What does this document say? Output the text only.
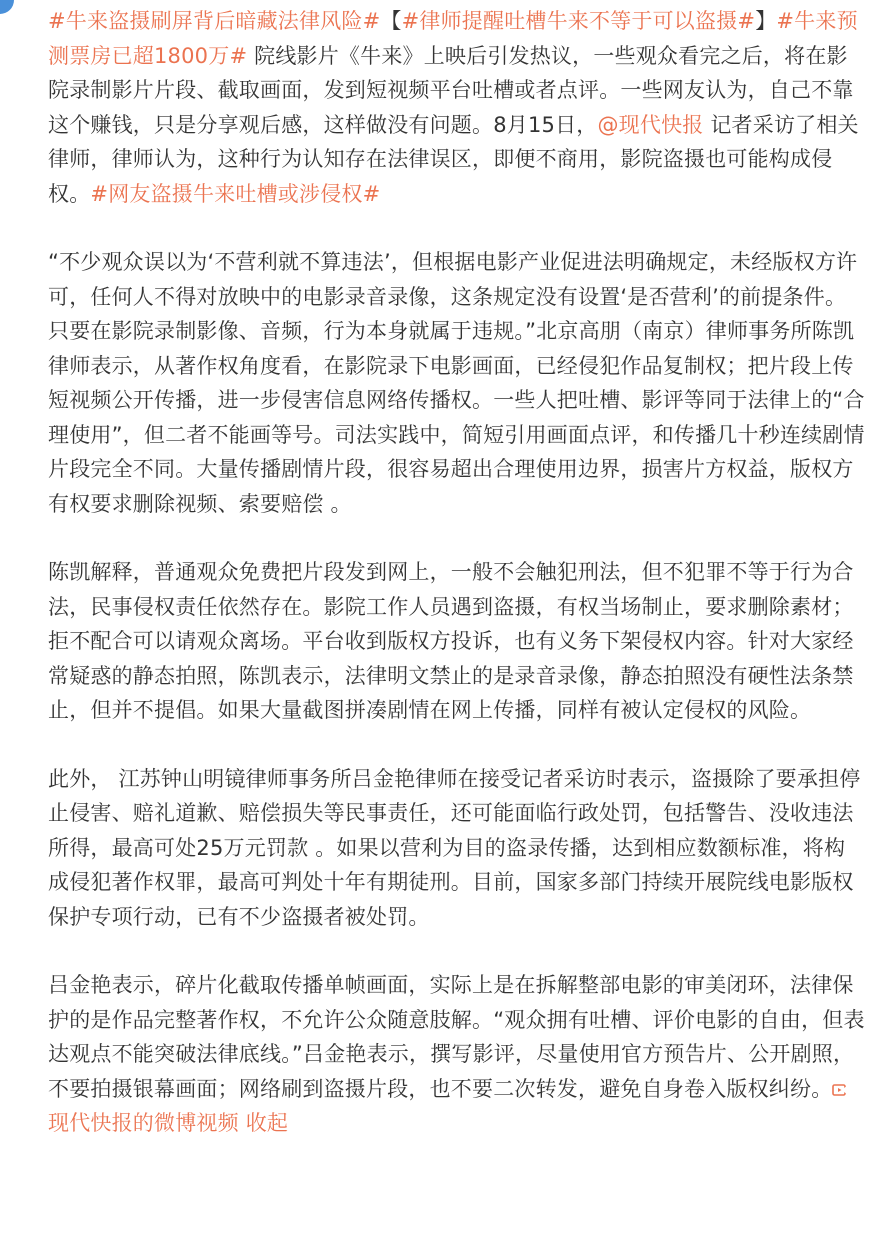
#牛来盗摄刷屏背后暗藏法律风险#【#律师提醒吐槽牛来不等于可以盗摄#】#牛来预测票房已超1800万# 院线影片《牛来》上映后引发热议，一些观众看完之后，将在影院录制影片片段、截取画面，发到短视频平台吐槽或者点评。一些网友认为，自己不靠这个赚钱，只是分享观后感，这样做没有问题。8月15日，@现代快报 记者采访了相关律师，律师认为，这种行为认知存在法律误区，即便不商用，影院盗摄也可能构成侵权。#网友盗摄牛来吐槽或涉侵权#

“不少观众误以为‘不营利就不算违法’，但根据电影产业促进法明确规定，未经版权方许可，任何人不得对放映中的电影录音录像，这条规定没有设置‘是否营利’的前提条件。只要在影院录制影像、音频，行为本身就属于违规。”北京高朋（南京）律师事务所陈凯律师表示，从著作权角度看，在影院录下电影画面，已经侵犯作品复制权；把片段上传短视频公开传播，进一步侵害信息网络传播权。一些人把吐槽、影评等同于法律上的“合理使用”，但二者不能画等号。司法实践中，简短引用画面点评，和传播几十秒连续剧情片段完全不同。大量传播剧情片段，很容易超出合理使用边界，损害片方权益，版权方有权要求删除视频、索要赔偿 。

陈凯解释，普通观众免费把片段发到网上，一般不会触犯刑法，但不犯罪不等于行为合法，民事侵权责任依然存在。影院工作人员遇到盗摄，有权当场制止，要求删除素材；拒不配合可以请观众离场。平台收到版权方投诉，也有义务下架侵权内容。针对大家经常疑惑的静态拍照，陈凯表示，法律明文禁止的是录音录像，静态拍照没有硬性法条禁止，但并不提倡。如果大量截图拼凑剧情在网上传播，同样有被认定侵权的风险。

此外， 江苏钟山明镜律师事务所吕金艳律师在接受记者采访时表示，盗摄除了要承担停止侵害、赔礼道歉、赔偿损失等民事责任，还可能面临行政处罚，包括警告、没收违法所得，最高可处25万元罚款 。如果以营利为目的盗录传播，达到相应数额标准，将构成侵犯著作权罪，最高可判处十年有期徒刑。目前，国家多部门持续开展院线电影版权保护专项行动，已有不少盗摄者被处罚。

吕金艳表示，碎片化截取传播单帧画面，实际上是在拆解整部电影的审美闭环，法律保护的是作品完整著作权，不允许公众随意肢解。“观众拥有吐槽、评价电影的自由，但表达观点不能突破法律底线。”吕金艳表示，撰写影评，尽量使用官方预告片、公开剧照，不要拍摄银幕画面；网络刷到盗摄片段，也不要二次转发，避免自身卷入版权纠纷。现代快报的微博视频 收起
